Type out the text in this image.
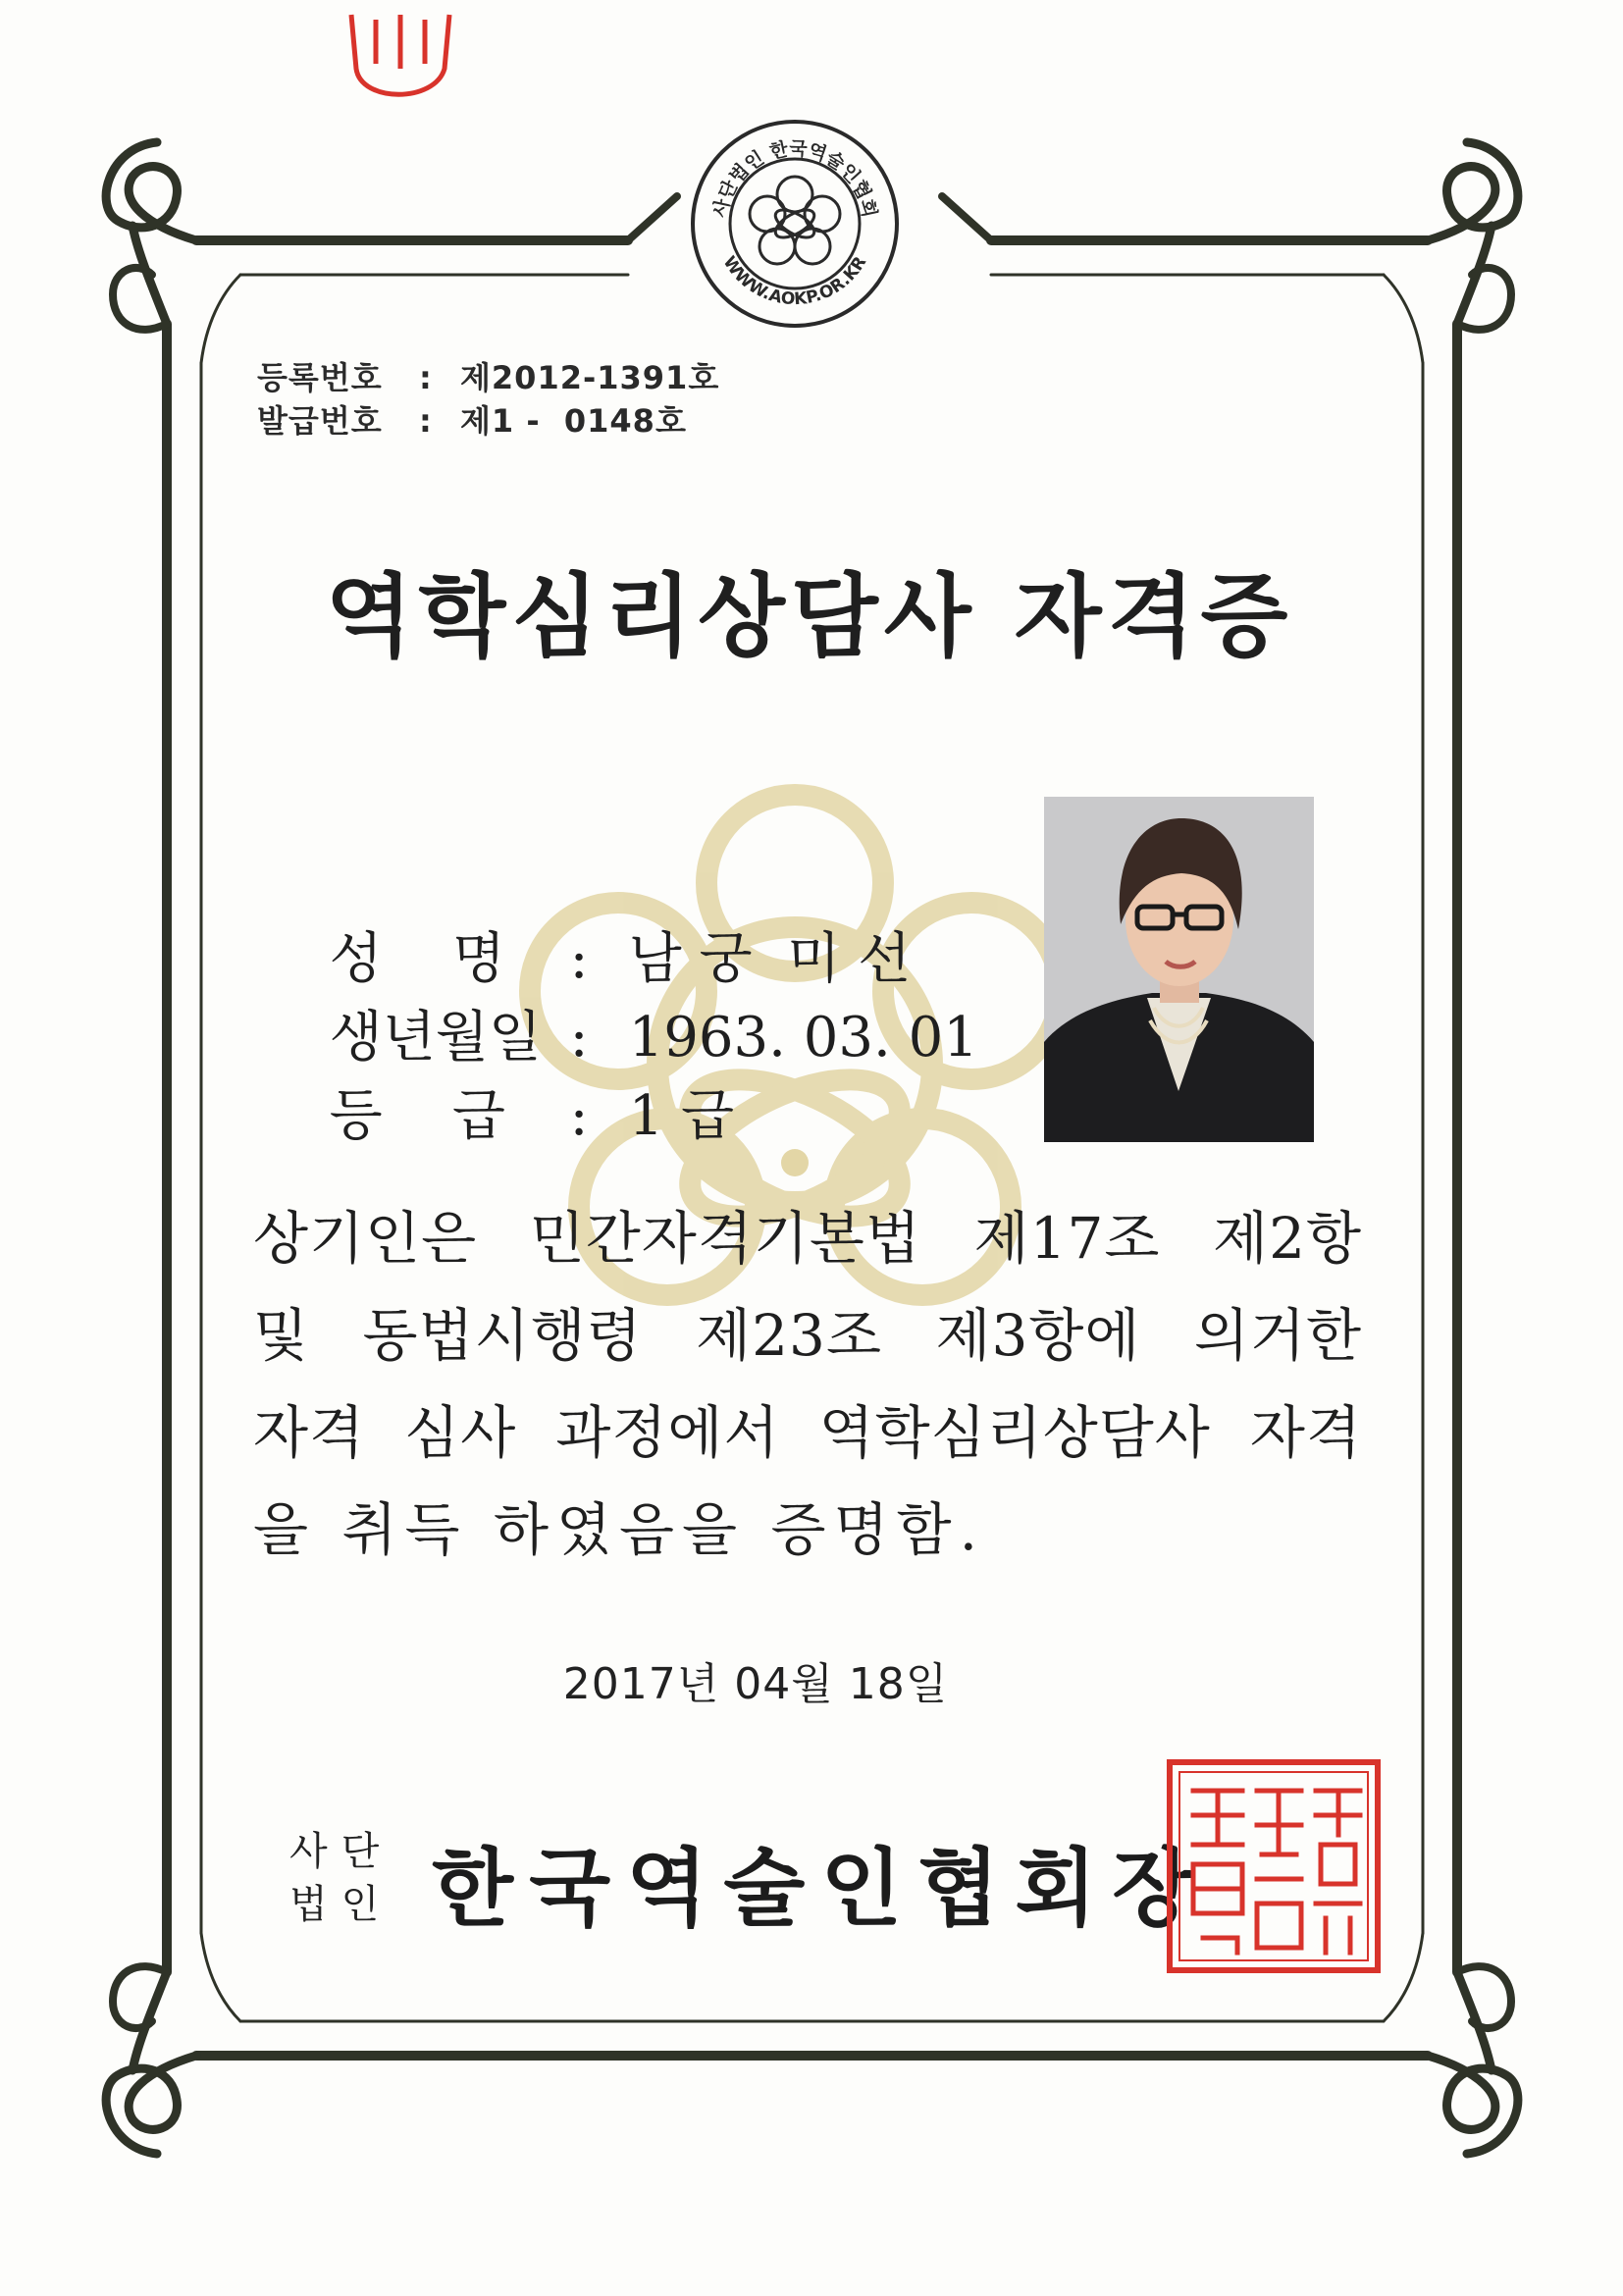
사단법인 한국역술인협회
WWW.AOKP.OR.KR
등록번호 : 제2012-1391호
발급번호 : 제1 -  0148호
역학심리상담사 자격증

성    명 : 남 궁  미 선

생년월일 : 1963. 03. 01

등    급 : 1 급

상기인은 민간자격기본법 제17조 제2항
및 동법시행령 제23조 제3항에 의거한
자격 심사 과정에서 역학심리상담사 자격
을 취득 하였음을 증명함.
2017년 04월 18일
사단
법인 한국역술인협회장
